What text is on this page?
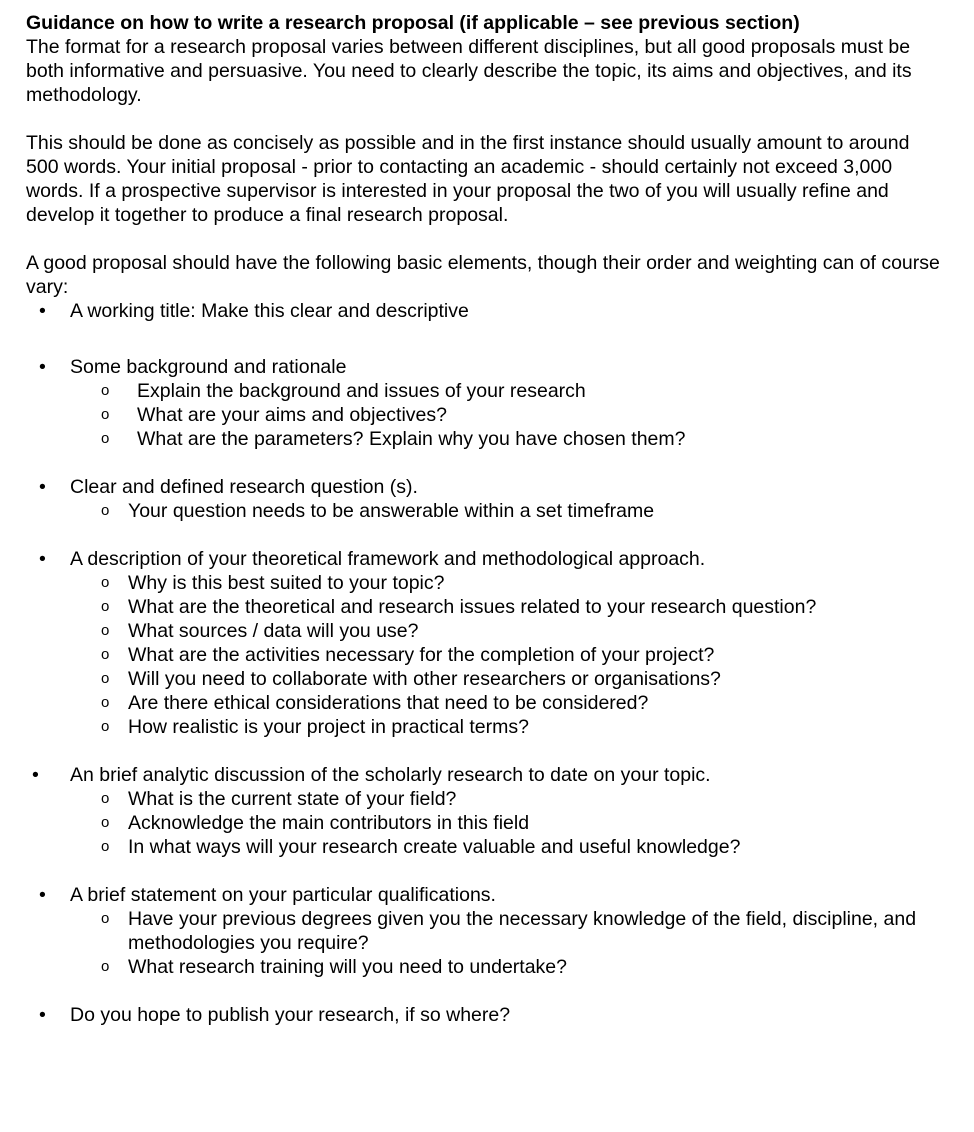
Guidance on how to write a research proposal (if applicable – see previous section)

The format for a research proposal varies between different disciplines, but all good proposals must be both informative and persuasive. You need to clearly describe the topic, its aims and objectives, and its methodology.

This should be done as concisely as possible and in the first instance should usually amount to around 500 words. Your initial proposal - prior to contacting an academic - should certainly not exceed 3,000 words. If a prospective supervisor is interested in your proposal the two of you will usually refine and develop it together to produce a final research proposal.

A good proposal should have the following basic elements, though their order and weighting can of course vary:

• A working title: Make this clear and descriptive
• Some background and rationale
o Explain the background and issues of your research
o What are your aims and objectives?
o What are the parameters? Explain why you have chosen them?
• Clear and defined research question (s).
o Your question needs to be answerable within a set timeframe
• A description of your theoretical framework and methodological approach.
o Why is this best suited to your topic?
o What are the theoretical and research issues related to your research question?
o What sources / data will you use?
o What are the activities necessary for the completion of your project?
o Will you need to collaborate with other researchers or organisations?
o Are there ethical considerations that need to be considered?
o How realistic is your project in practical terms?
• An brief analytic discussion of the scholarly research to date on your topic.
o What is the current state of your field?
o Acknowledge the main contributors in this field
o In what ways will your research create valuable and useful knowledge?
• A brief statement on your particular qualifications.
o Have your previous degrees given you the necessary knowledge of the field, discipline, and methodologies you require?
o What research training will you need to undertake?
• Do you hope to publish your research, if so where?
